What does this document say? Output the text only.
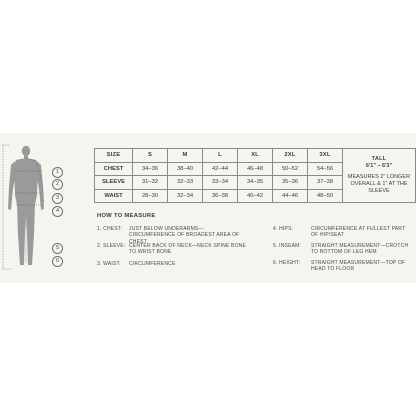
1
2
3
4
5
6
SIZE	S	M	L	XL	2XL	3XL	TALL
6'1" – 6'3"
MEASURES 2" LONGER OVERALL & 1" AT THE SLEEVE

CHEST	34–36	38–40	42–44	46–48	50–52	54–56	
SLEEVE	31–32	32–33	33–34	34–35	35–36	37–38	
WAIST	28–30	32–34	36–38	40–42	44–46	48–50	
HOW TO MEASURE
1. CHEST: JUST BELOW UNDERARMS—CIRCUMFERENCE OF BROADEST AREA OF CHEST
2. SLEEVE: CENTER BACK OF NECK—NECK SPINE BONE TO WRIST BONE
3. WAIST: CIRCUMFERENCE
4. HIPS:	CIRCUMFERENCE AT FULLEST PART OF HIP/SEAT
5. INSEAM: STRAIGHT MEASUREMENT—CROTCH TO BOTTOM OF LEG HEM
6. HEIGHT: STRAIGHT MEASUREMENT—TOP OF HEAD TO FLOOR
